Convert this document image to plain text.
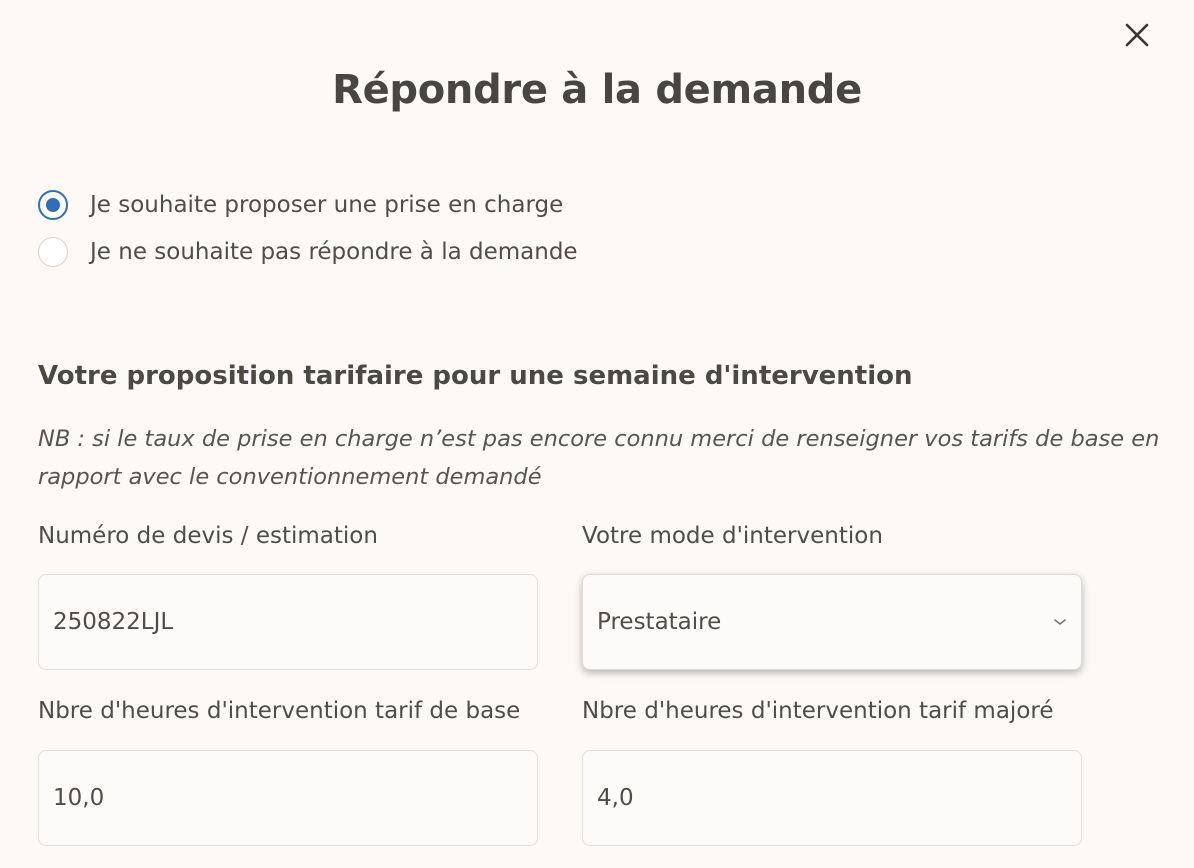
Répondre à la demande
Je souhaite proposer une prise en charge
Je ne souhaite pas répondre à la demande
Votre proposition tarifaire pour une semaine d'intervention

NB : si le taux de prise en charge n’est pas encore connu merci de renseigner vos tarifs de base en rapport avec le conventionnement demandé

Numéro de devis / estimation
250822LJL	Votre mode d'intervention
Prestataire
Nbre d'heures d'intervention tarif de base
10,0	Nbre d'heures d'intervention tarif majoré
4,0
